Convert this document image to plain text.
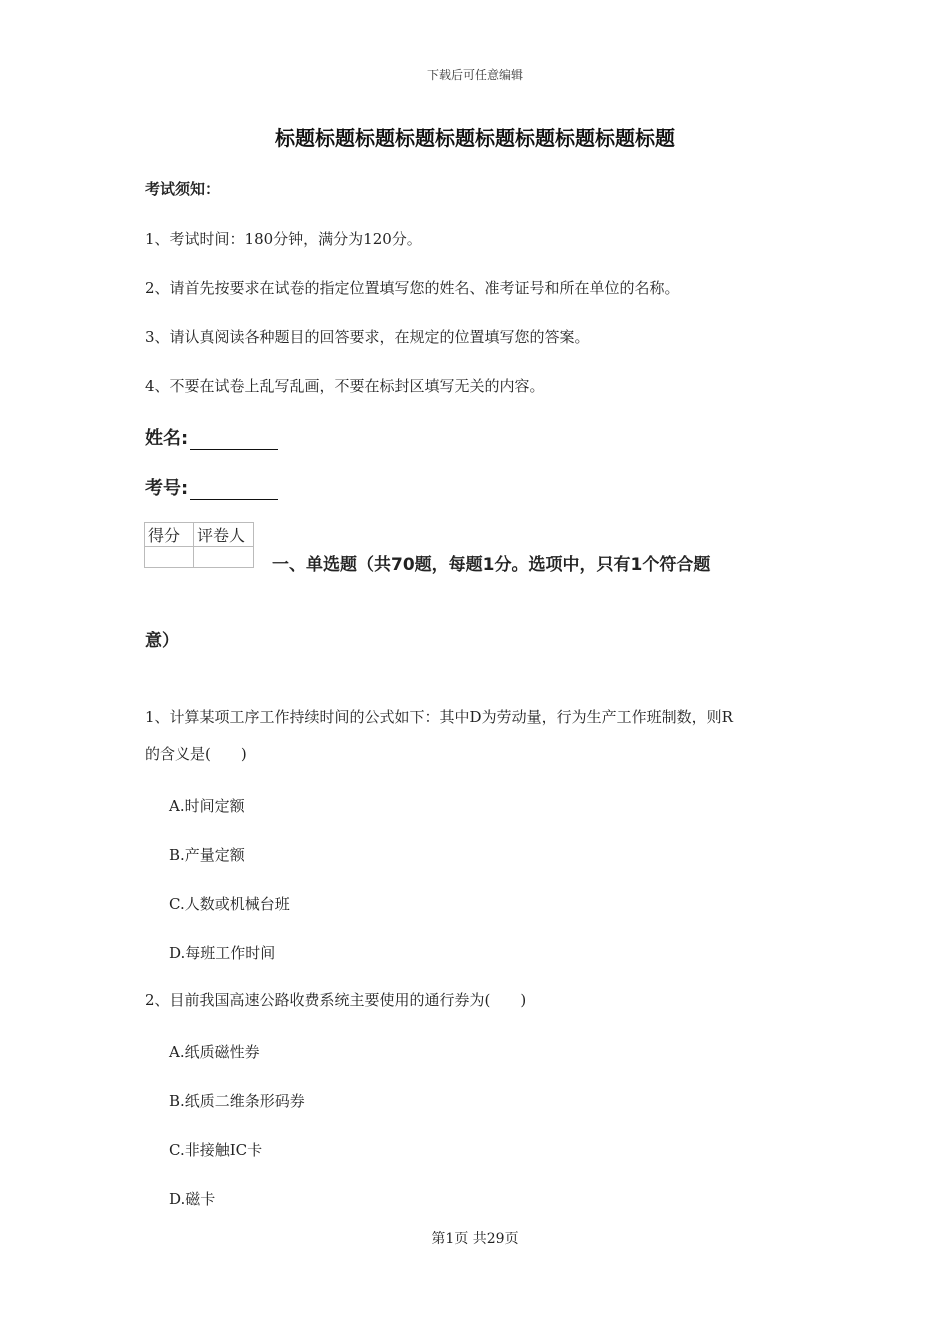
下载后可任意编辑
标题标题标题标题标题标题标题标题标题标题
考试须知：
1、考试时间：180分钟，满分为120分。
2、请首先按要求在试卷的指定位置填写您的姓名、准考证号和所在单位的名称。
3、请认真阅读各种题目的回答要求，在规定的位置填写您的答案。
4、不要在试卷上乱写乱画，不要在标封区填写无关的内容。
姓名:
考号:
得分	评卷人

一、单选题（共70题，每题1分。选项中，只有1个符合题
意）
1、计算某项工序工作持续时间的公式如下：其中D为劳动量，行为生产工作班制数，则R
的含义是(　　)
A.时间定额
B.产量定额
C.人数或机械台班
D.每班工作时间
2、目前我国高速公路收费系统主要使用的通行券为(　　)
A.纸质磁性券
B.纸质二维条形码券
C.非接触IC卡
D.磁卡
第1页 共29页
